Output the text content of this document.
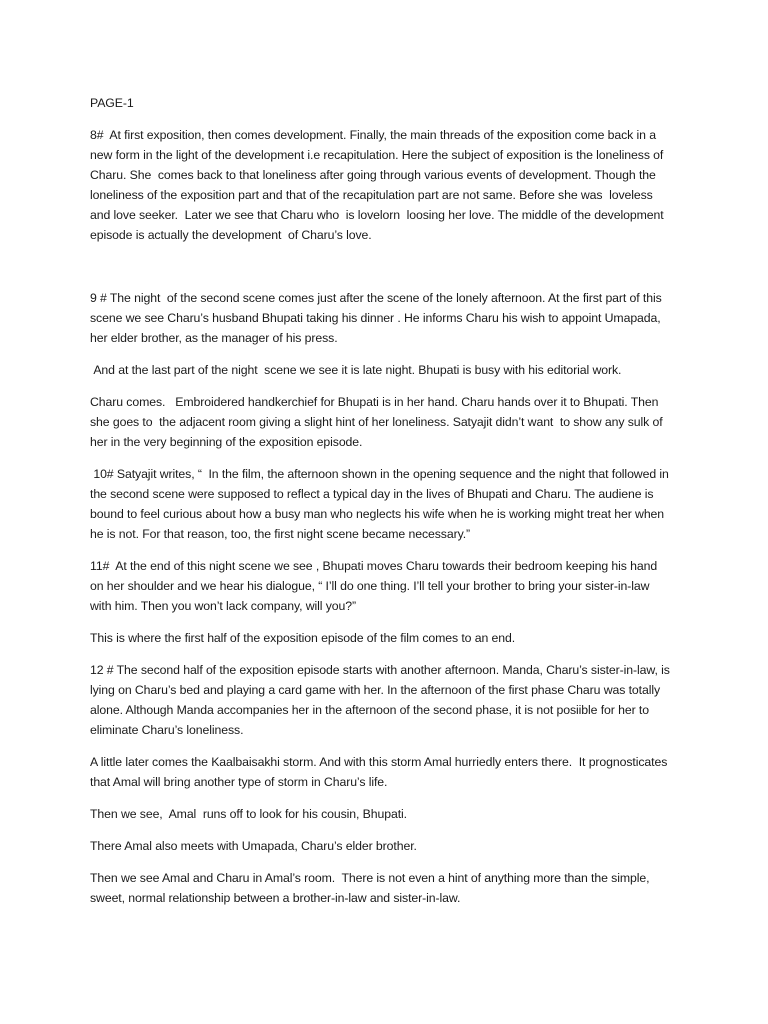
PAGE-1

8#  At first exposition, then comes development. Finally, the main threads of the exposition come back in a new form in the light of the development i.e recapitulation. Here the subject of exposition is the loneliness of Charu. She  comes back to that loneliness after going through various events of development. Though the loneliness of the exposition part and that of the recapitulation part are not same. Before she was  loveless and love seeker.  Later we see that Charu who  is lovelorn  loosing her love. The middle of the development  episode is actually the development  of Charu’s love.

9 # The night  of the second scene comes just after the scene of the lonely afternoon. At the first part of this scene we see Charu’s husband Bhupati taking his dinner . He informs Charu his wish to appoint Umapada, her elder brother, as the manager of his press.

And at the last part of the night  scene we see it is late night. Bhupati is busy with his editorial work.

Charu comes.   Embroidered handkerchief for Bhupati is in her hand. Charu hands over it to Bhupati. Then she goes to  the adjacent room giving a slight hint of her loneliness. Satyajit didn’t want  to show any sulk of her in the very beginning of the exposition episode.

10# Satyajit writes, “  In the film, the afternoon shown in the opening sequence and the night that followed in the second scene were supposed to reflect a typical day in the lives of Bhupati and Charu. The audiene is bound to feel curious about how a busy man who neglects his wife when he is working might treat her when he is not. For that reason, too, the first night scene became necessary.”

11#  At the end of this night scene we see , Bhupati moves Charu towards their bedroom keeping his hand on her shoulder and we hear his dialogue, “ I’ll do one thing. I’ll tell your brother to bring your sister-in-law with him. Then you won’t lack company, will you?”

This is where the first half of the exposition episode of the film comes to an end.

12 # The second half of the exposition episode starts with another afternoon. Manda, Charu’s sister-in-law, is lying on Charu’s bed and playing a card game with her. In the afternoon of the first phase Charu was totally alone. Although Manda accompanies her in the afternoon of the second phase, it is not posiible for her to eliminate Charu’s loneliness.

A little later comes the Kaalbaisakhi storm. And with this storm Amal hurriedly enters there.  It prognosticates that Amal will bring another type of storm in Charu’s life.

Then we see,  Amal  runs off to look for his cousin, Bhupati.

There Amal also meets with Umapada, Charu’s elder brother.

Then we see Amal and Charu in Amal’s room.  There is not even a hint of anything more than the simple, sweet, normal relationship between a brother-in-law and sister-in-law.
